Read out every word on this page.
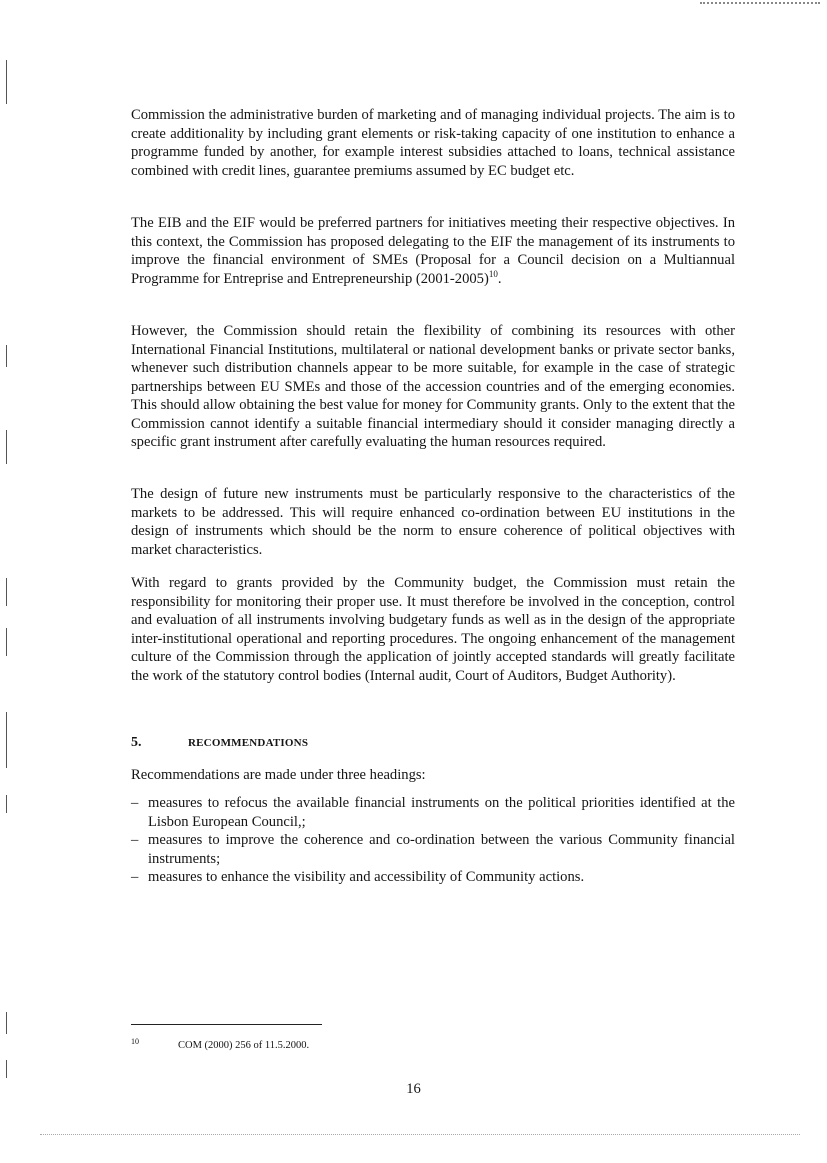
Commission the administrative burden of marketing and of managing individual projects. The aim is to create additionality by including grant elements or risk-taking capacity of one institution to enhance a programme funded by another, for example interest subsidies attached to loans, technical assistance combined with credit lines, guarantee premiums assumed by EC budget etc.

The EIB and the EIF would be preferred partners for initiatives meeting their respective objectives. In this context, the Commission has proposed delegating to the EIF the management of its instruments to improve the financial environment of SMEs (Proposal for a Council decision on a Multiannual Programme for Entreprise and Entrepreneurship (2001-2005)$^{10}$.

However, the Commission should retain the flexibility of combining its resources with other International Financial Institutions, multilateral or national development banks or private sector banks, whenever such distribution channels appear to be more suitable, for example in the case of strategic partnerships between EU SMEs and those of the accession countries and of the emerging economies. This should allow obtaining the best value for money for Community grants. Only to the extent that the Commission cannot identify a suitable financial intermediary should it consider managing directly a specific grant instrument after carefully evaluating the human resources required.

The design of future new instruments must be particularly responsive to the characteristics of the markets to be addressed. This will require enhanced co-ordination between EU institutions in the design of instruments which should be the norm to ensure coherence of political objectives with market characteristics.

With regard to grants provided by the Community budget, the Commission must retain the responsibility for monitoring their proper use. It must therefore be involved in the conception, control and evaluation of all instruments involving budgetary funds as well as in the design of the appropriate inter-institutional operational and reporting procedures. The ongoing enhancement of the management culture of the Commission through the application of jointly accepted standards will greatly facilitate the work of the statutory control bodies (Internal audit, Court of Auditors, Budget Authority).

5.	RECOMMENDATIONS
Recommendations are made under three headings:
– measures to refocus the available financial instruments on the political priorities identified at the Lisbon European Council,;
– measures to improve the coherence and co-ordination between the various Community financial instruments;
– measures to enhance the visibility and accessibility of Community actions.
10	COM (2000) 256 of 11.5.2000.
16
